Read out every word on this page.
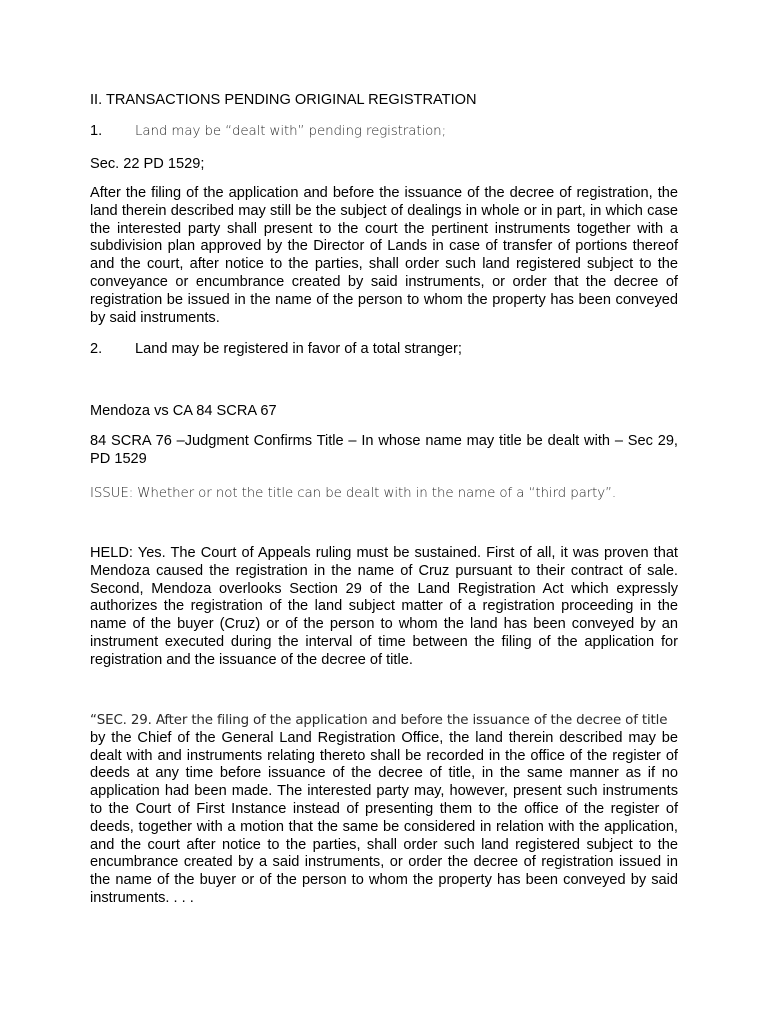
II. TRANSACTIONS PENDING ORIGINAL REGISTRATION

1. Land may be “dealt with” pending registration;

Sec. 22 PD 1529;

After the filing of the application and before the issuance of the decree of registration, the land therein described may still be the subject of dealings in whole or in part, in which case the interested party shall present to the court the pertinent instruments together with a subdivision plan approved by the Director of Lands in case of transfer of portions thereof and the court, after notice to the parties, shall order such land registered subject to the conveyance or encumbrance created by said instruments, or order that the decree of registration be issued in the name of the person to whom the property has been conveyed by said instruments.

2. Land may be registered in favor of a total stranger;

Mendoza vs CA 84 SCRA 67

84 SCRA 76 –Judgment Confirms Title – In whose name may title be dealt with – Sec 29, PD 1529

ISSUE: Whether or not the title can be dealt with in the name of a “third party”.

HELD: Yes. The Court of Appeals ruling must be sustained. First of all, it was proven that Mendoza caused the registration in the name of Cruz pursuant to their contract of sale. Second, Mendoza overlooks Section 29 of the Land Registration Act which expressly authorizes the registration of the land subject matter of a registration proceeding in the name of the buyer (Cruz) or of the person to whom the land has been conveyed by an instrument executed during the interval of time between the filing of the application for registration and the issuance of the decree of title.

“SEC. 29. After the filing of the application and before the issuance of the decree of title
by the Chief of the General Land Registration Office, the land therein described may be dealt with and instruments relating thereto shall be recorded in the office of the register of deeds at any time before issuance of the decree of title, in the same manner as if no application had been made. The interested party may, however, present such instruments to the Court of First Instance instead of presenting them to the office of the register of deeds, together with a motion that the same be considered in relation with the application, and the court after notice to the parties, shall order such land registered subject to the encumbrance created by a said instruments, or order the decree of registration issued in the name of the buyer or of the person to whom the property has been conveyed by said instruments. . . .
